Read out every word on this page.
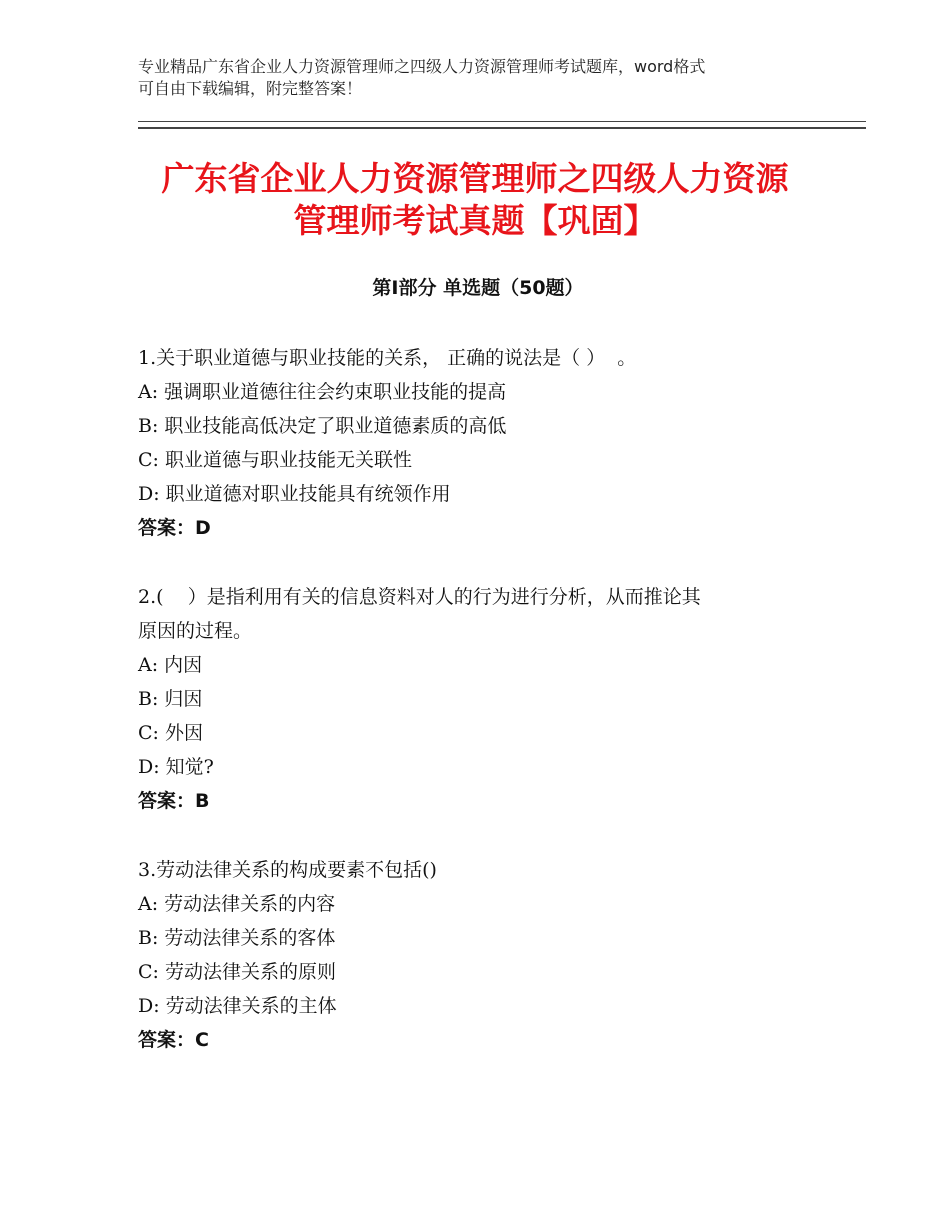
专业精品广东省企业人力资源管理师之四级人力资源管理师考试题库，word格式
可自由下载编辑，附完整答案！
广东省企业人力资源管理师之四级人力资源
管理师考试真题【巩固】
第Ⅰ部分 单选题（50题）
1.关于职业道德与职业技能的关系， 正确的说法是（ ）  。
A: 强调职业道德往往会约束职业技能的提高
B: 职业技能高低决定了职业道德素质的高低
C: 职业道德与职业技能无关联性
D: 职业道德对职业技能具有统领作用
答案：D
2.(    ）是指利用有关的信息资料对人的行为进行分析，从而推论其
原因的过程。
A: 内因
B: 归因
C: 外因
D: 知觉?
答案：B
3.劳动法律关系的构成要素不包括()
A: 劳动法律关系的内容
B: 劳动法律关系的客体
C: 劳动法律关系的原则
D: 劳动法律关系的主体
答案：C
